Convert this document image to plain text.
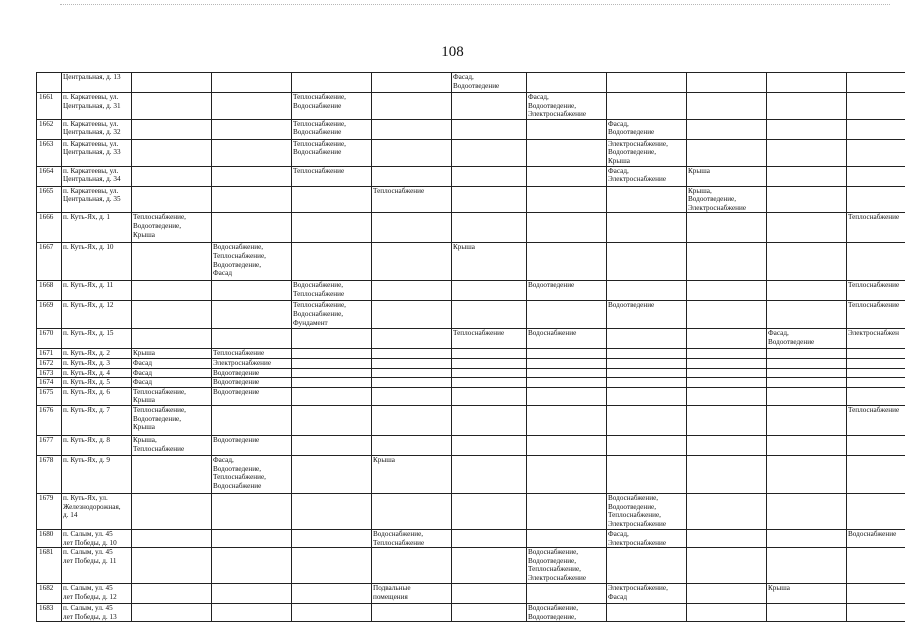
108
	Центральная, д. 13					Фасад,
Водоотведение					
1661	п. Каркатеевы, ул.
Центральная, д. 31			Теплоснабжение,
Водоснабжение			Фасад,
Водоотведение,
Электроснабжение				
1662	п. Каркатеевы, ул.
Центральная, д. 32			Теплоснабжение,
Водоснабжение				Фасад,
Водоотведение			
1663	п. Каркатеевы, ул.
Центральная, д. 33			Теплоснабжение,
Водоснабжение				Электроснабжение,
Водоотведение,
Крыша			
1664	п. Каркатеевы, ул.
Центральная, д. 34			Теплоснабжение				Фасад,
Электроснабжение	Крыша		
1665	п. Каркатеевы, ул.
Центральная, д. 35				Теплоснабжение				Крыша,
Водоотведение,
Электроснабжение		
1666	п. Куть-Ях, д. 1	Теплоснабжение,
Водоотведение,
Крыша									Теплоснабжение
1667	п. Куть-Ях, д. 10		Водоснабжение,
Теплоснабжение,
Водоотведение,
Фасад			Крыша					
1668	п. Куть-Ях, д. 11			Водоснабжение,
Теплоснабжение			Водоотведение				Теплоснабжение
1669	п. Куть-Ях, д. 12			Теплоснабжение,
Водоснабжение,
Фундамент				Водоотведение			Теплоснабжение
1670	п. Куть-Ях, д. 15					Теплоснабжение	Водоснабжение			Фасад,
Водоотведение	Электроснабжен
1671	п. Куть-Ях, д. 2	Крыша	Теплоснабжение								
1672	п. Куть-Ях, д. 3	Фасад	Электроснабжение								
1673	п. Куть-Ях, д. 4	Фасад	Водоотведение								
1674	п. Куть-Ях, д. 5	Фасад	Водоотведение								
1675	п. Куть-Ях, д. 6	Теплоснабжение,
Крыша	Водоотведение								
1676	п. Куть-Ях, д. 7	Теплоснабжение,
Водоотведение,
Крыша									Теплоснабжение
1677	п. Куть-Ях, д. 8	Крыша,
Теплоснабжение	Водоотведение								
1678	п. Куть-Ях, д. 9		Фасад,
Водоотведение,
Теплоснабжение,
Водоснабжение		Крыша						
1679	п. Куть-Ях, ул.
Железнодорожная,
д. 14							Водоснабжение,
Водоотведение,
Теплоснабжение,
Электроснабжение			
1680	п. Салым, ул. 45
лет Победы, д. 10				Водоснабжение,
Теплоснабжение			Фасад,
Электроснабжение			Водоснабжение
1681	п. Салым, ул. 45
лет Победы, д. 11						Водоснабжение,
Водоотведение,
Теплоснабжение,
Электроснабжение				
1682	п. Салым, ул. 45
лет Победы, д. 12				Подвальные
помещения			Электроснабжение,
Фасад		Крыша	
1683	п. Салым, ул. 45
лет Победы, д. 13						Водоснабжение,
Водоотведение,				
